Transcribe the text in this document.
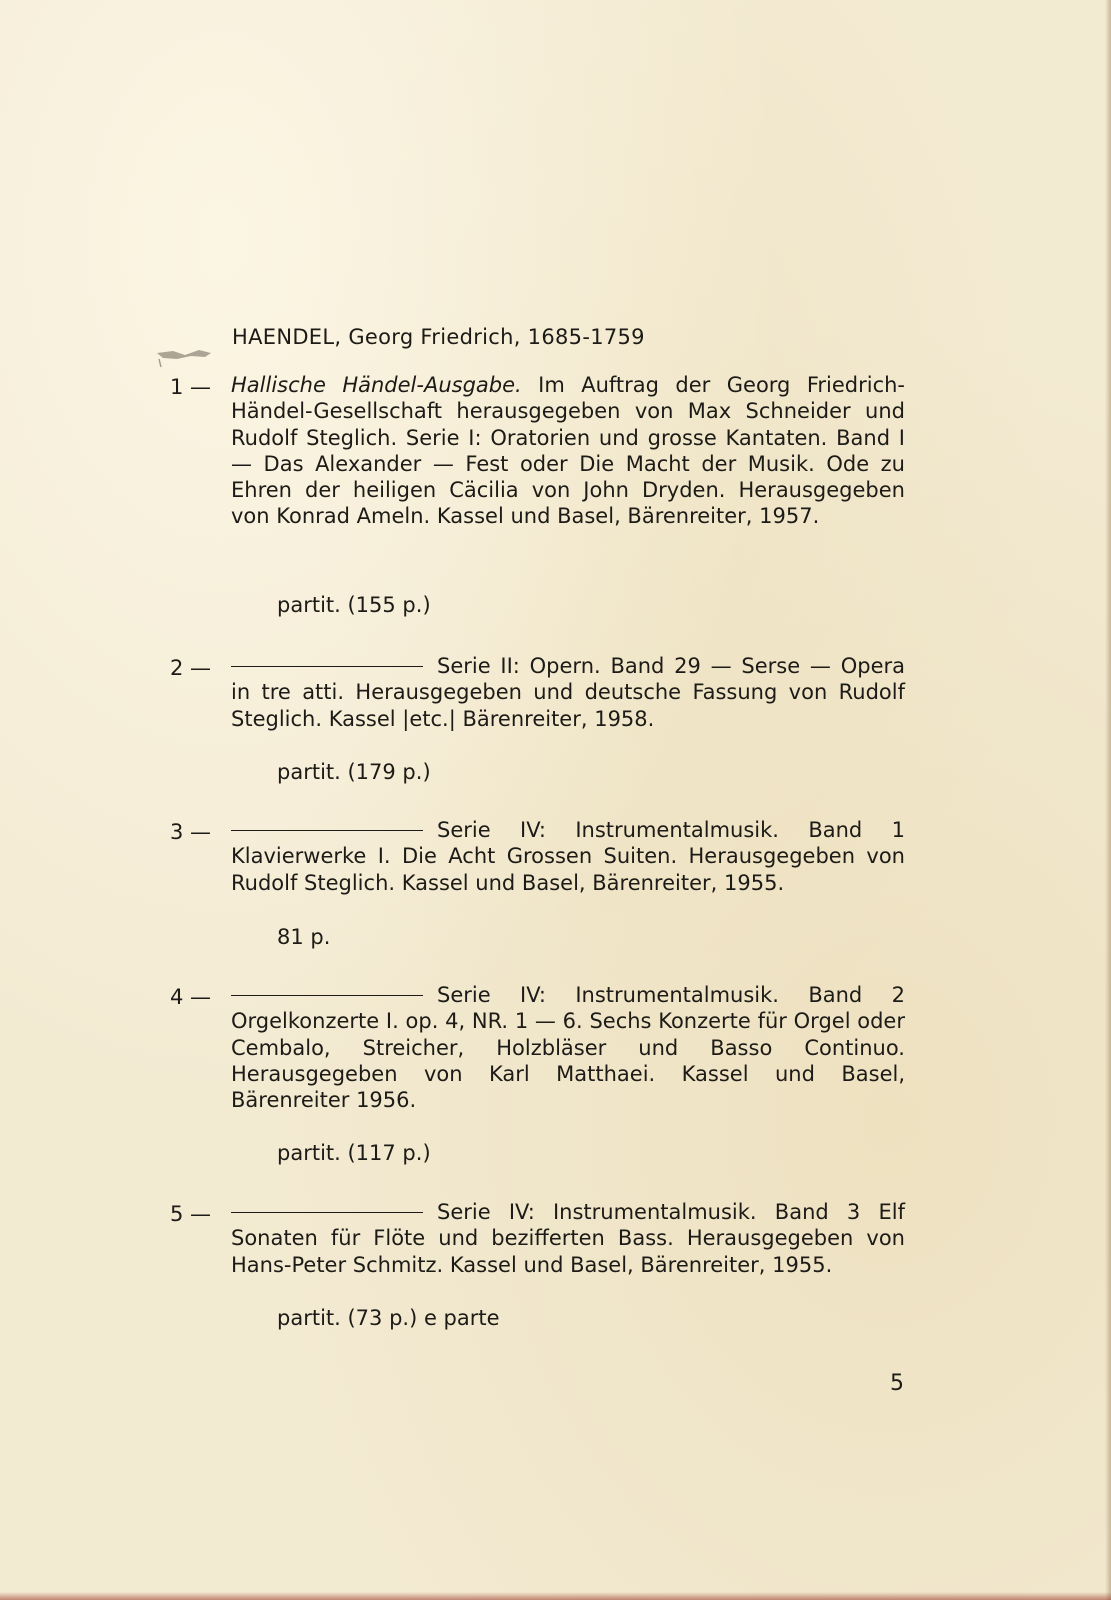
HAENDEL, Georg Friedrich, 1685-1759
1 — Hallische Händel-Ausgabe. Im Auftrag der Georg Friedrich-Händel-Gesellschaft herausgegeben von Max Schneider und Rudolf Steglich. Serie I: Oratorien und grosse Kantaten. Band I — Das Alexander — Fest oder Die Macht der Musik. Ode zu Ehren der heiligen Cäcilia von John Dryden. Herausgegeben von Konrad Ameln. Kassel und Basel, Bärenreiter, 1957.
partit. (155 p.)
2 —	Serie II: Opern. Band 29 — Serse — Opera in tre atti. Herausgegeben und deutsche Fassung von Rudolf Steglich. Kassel |etc.| Bärenreiter, 1958.
partit. (179 p.)
3 —	Serie IV: Instrumentalmusik. Band 1 Klavierwerke I. Die Acht Grossen Suiten. Herausgegeben von Rudolf Steglich. Kassel und Basel, Bärenreiter, 1955.
81 p.
4 —	Serie IV: Instrumentalmusik. Band 2 Orgelkonzerte I. op. 4, NR. 1 — 6. Sechs Konzerte für Orgel oder Cembalo, Streicher, Holzbläser und Basso Continuo. Herausgegeben von Karl Matthaei. Kassel und Basel, Bärenreiter 1956.
partit. (117 p.)
5 —	Serie IV: Instrumentalmusik. Band 3 Elf Sonaten für Flöte und bezifferten Bass. Herausgegeben von Hans-Peter Schmitz. Kassel und Basel, Bärenreiter, 1955.
partit. (73 p.) e parte
5
